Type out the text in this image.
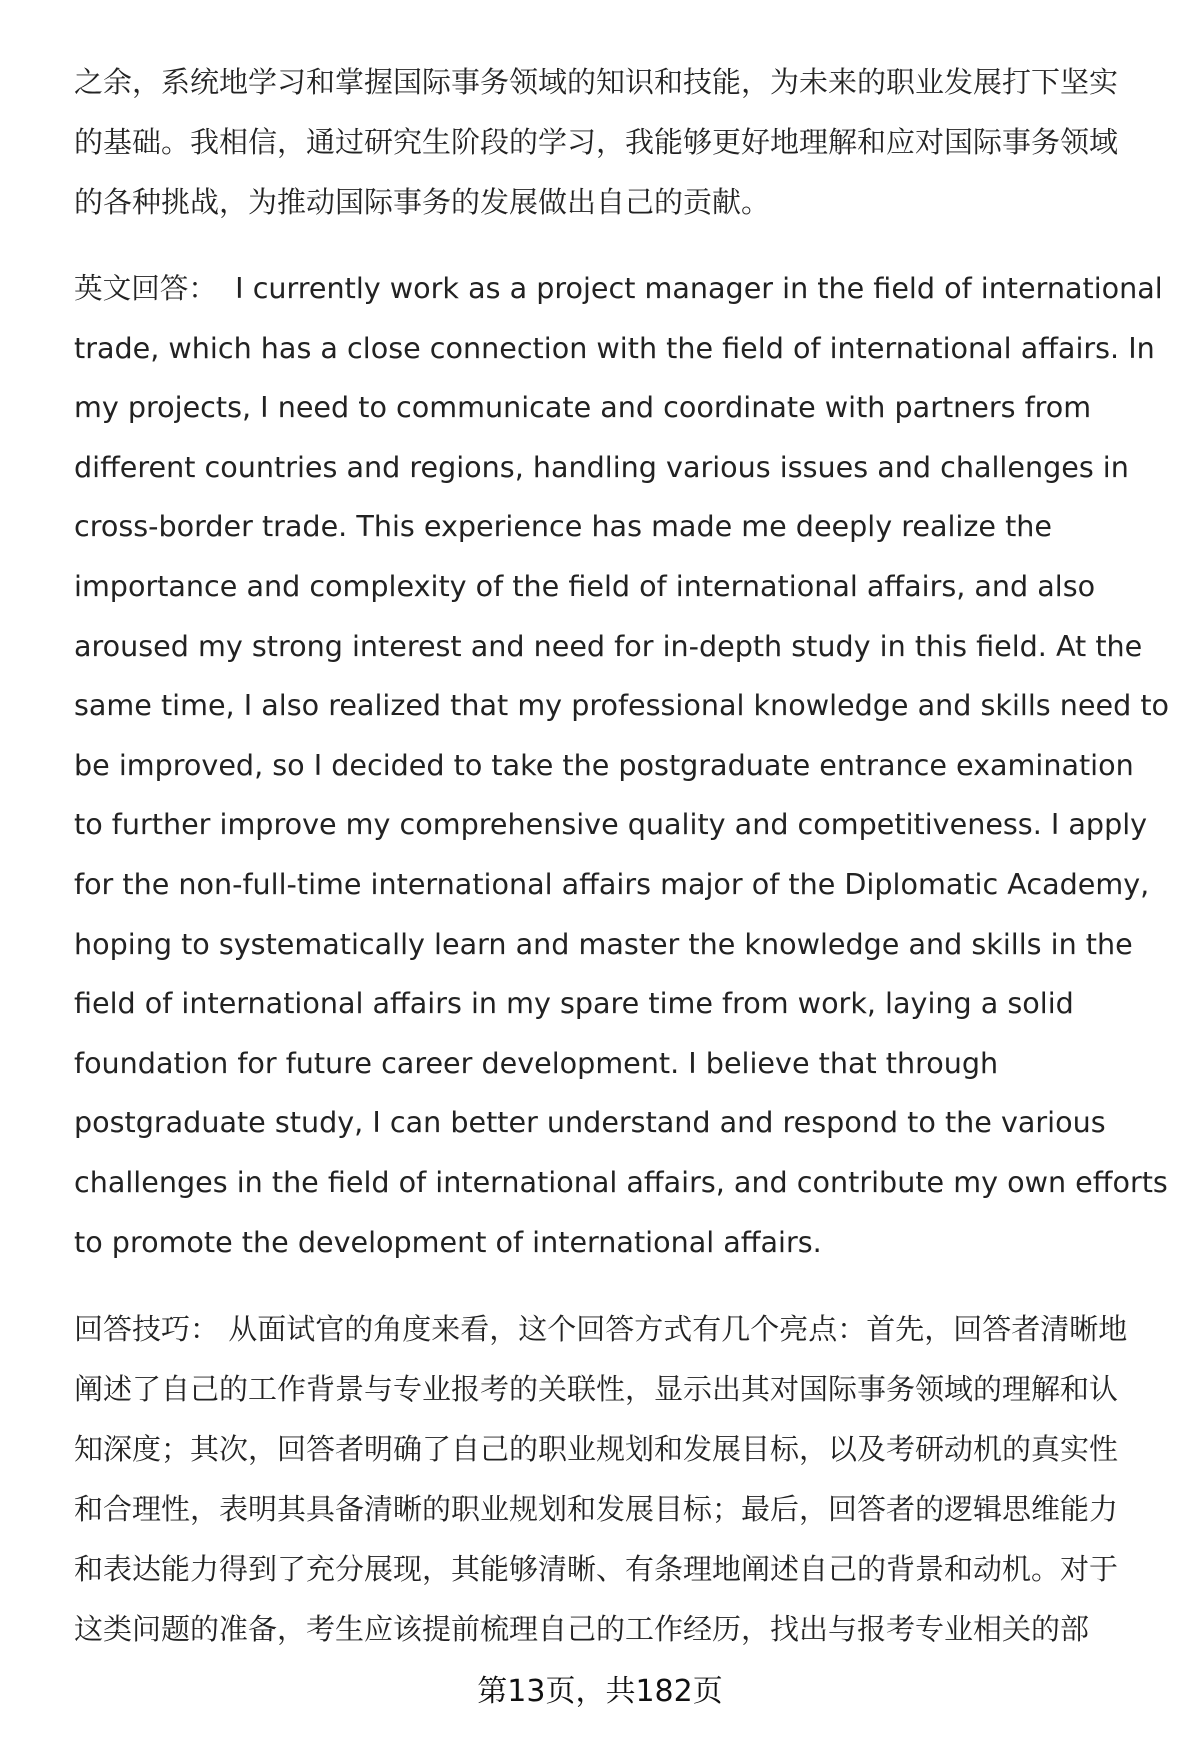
之余，系统地学习和掌握国际事务领域的知识和技能，为未来的职业发展打下坚实
的基础。我相信，通过研究生阶段的学习，我能够更好地理解和应对国际事务领域
的各种挑战，为推动国际事务的发展做出自己的贡献。

英文回答： I currently work as a project manager in the field of international
trade, which has a close connection with the field of international affairs. In
my projects, I need to communicate and coordinate with partners from
different countries and regions, handling various issues and challenges in
cross-border trade. This experience has made me deeply realize the
importance and complexity of the field of international affairs, and also
aroused my strong interest and need for in-depth study in this field. At the
same time, I also realized that my professional knowledge and skills need to
be improved, so I decided to take the postgraduate entrance examination
to further improve my comprehensive quality and competitiveness. I apply
for the non-full-time international affairs major of the Diplomatic Academy,
hoping to systematically learn and master the knowledge and skills in the
field of international affairs in my spare time from work, laying a solid
foundation for future career development. I believe that through
postgraduate study, I can better understand and respond to the various
challenges in the field of international affairs, and contribute my own efforts
to promote the development of international affairs.

回答技巧： 从面试官的角度来看，这个回答方式有几个亮点：首先，回答者清晰地
阐述了自己的工作背景与专业报考的关联性，显示出其对国际事务领域的理解和认
知深度；其次，回答者明确了自己的职业规划和发展目标，以及考研动机的真实性
和合理性，表明其具备清晰的职业规划和发展目标；最后，回答者的逻辑思维能力
和表达能力得到了充分展现，其能够清晰、有条理地阐述自己的背景和动机。对于
这类问题的准备，考生应该提前梳理自己的工作经历，找出与报考专业相关的部

第13页，共182页
